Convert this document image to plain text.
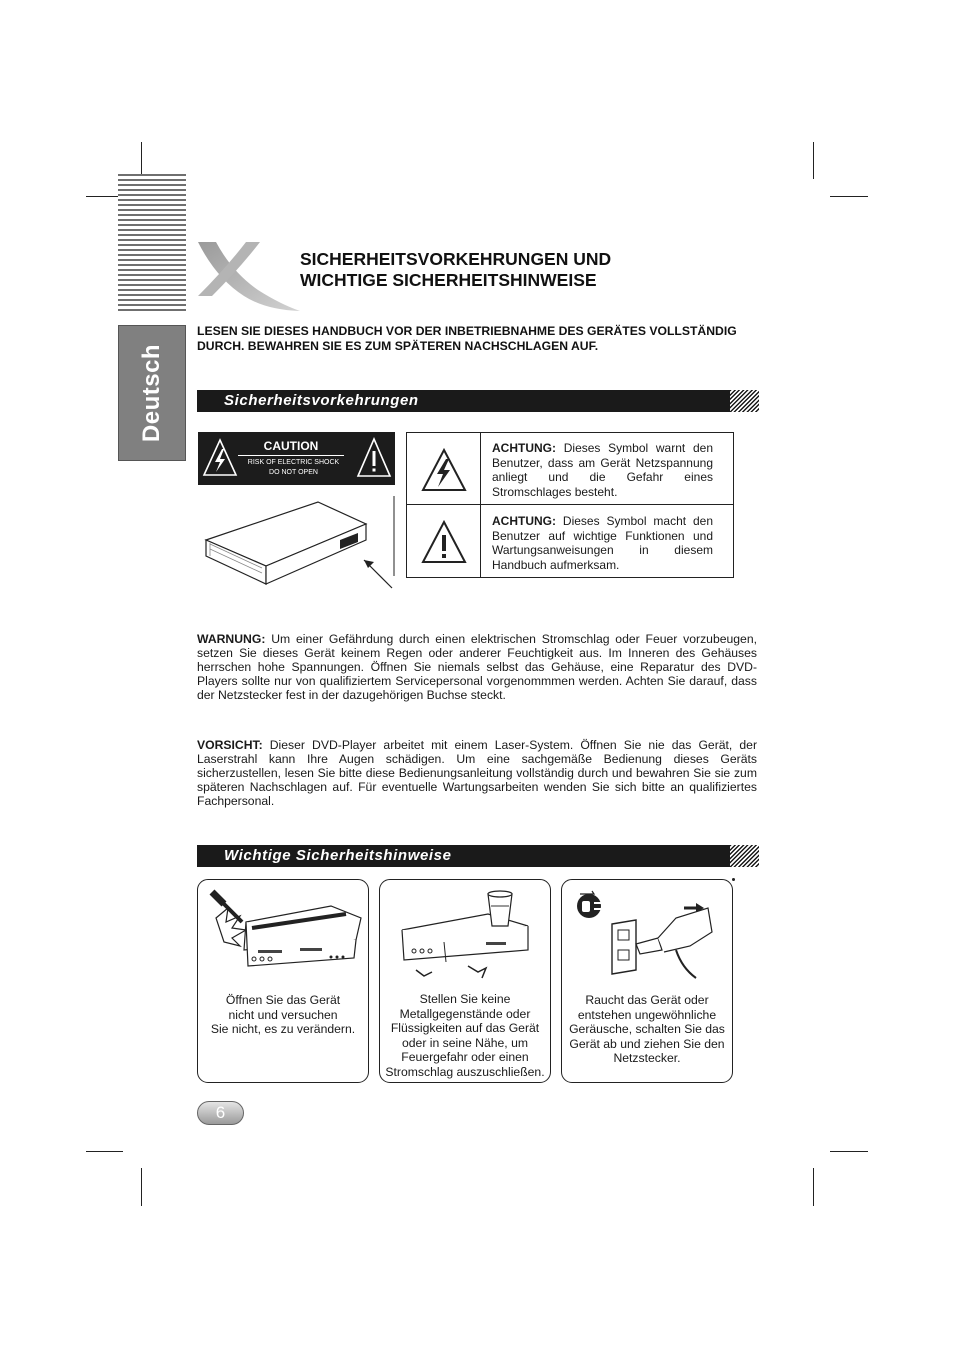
Deutsch
SICHERHEITSVORKEHRUNGEN UND
WICHTIGE SICHERHEITSHINWEISE
LESEN SIE DIESES HANDBUCH VOR DER INBETRIEBNAHME DES GERÄTES VOLLSTÄNDIG
DURCH. BEWAHREN SIE ES ZUM SPÄTEREN NACHSCHLAGEN AUF.
Sicherheitsvorkehrungen
CAUTION
RISK OF ELECTRIC SHOCK
DO NOT OPEN
ACHTUNG: Dieses Symbol warnt den Benutzer, dass am Gerät Netzspannung anliegt und die Gefahr eines Stromschlages besteht.
ACHTUNG: Dieses Symbol macht den Benutzer auf wichtige Funktionen und Wartungsanweisungen in diesem Handbuch aufmerksam.
WARNUNG: Um einer Gefährdung durch einen elektrischen Stromschlag oder Feuer vorzubeugen, setzen Sie dieses Gerät keinem Regen oder anderer Feuchtigkeit aus. Im Inneren des Gehäuses herrschen hohe Spannungen. Öffnen Sie niemals selbst das Gehäuse, eine Reparatur des DVD-Players sollte nur von qualifiziertem Servicepersonal vorgenommmen werden. Achten Sie darauf, dass der Netzstecker fest in der dazugehörigen Buchse steckt.
VORSICHT: Dieser DVD-Player arbeitet mit einem Laser-System. Öffnen Sie nie das Gerät, der Laserstrahl kann Ihre Augen schädigen. Um eine sachgemäße Bedienung dieses Geräts sicherzustellen, lesen Sie bitte diese Bedienungsanleitung vollständig durch und bewahren Sie sie zum späteren Nachschlagen auf. Für eventuelle Wartungsarbeiten wenden Sie sich bitte an qualifiziertes Fachpersonal.
Wichtige Sicherheitshinweise
Öffnen Sie das Gerät
nicht und versuchen
Sie nicht, es zu verändern.
Stellen Sie keine
Metallgegenstände oder
Flüssigkeiten auf das Gerät
oder in seine Nähe, um
Feuergefahr oder einen
Stromschlag auszuschließen.
Raucht das Gerät oder
entstehen ungewöhnliche
Geräusche, schalten Sie das
Gerät ab und ziehen Sie den
Netzstecker.
6
